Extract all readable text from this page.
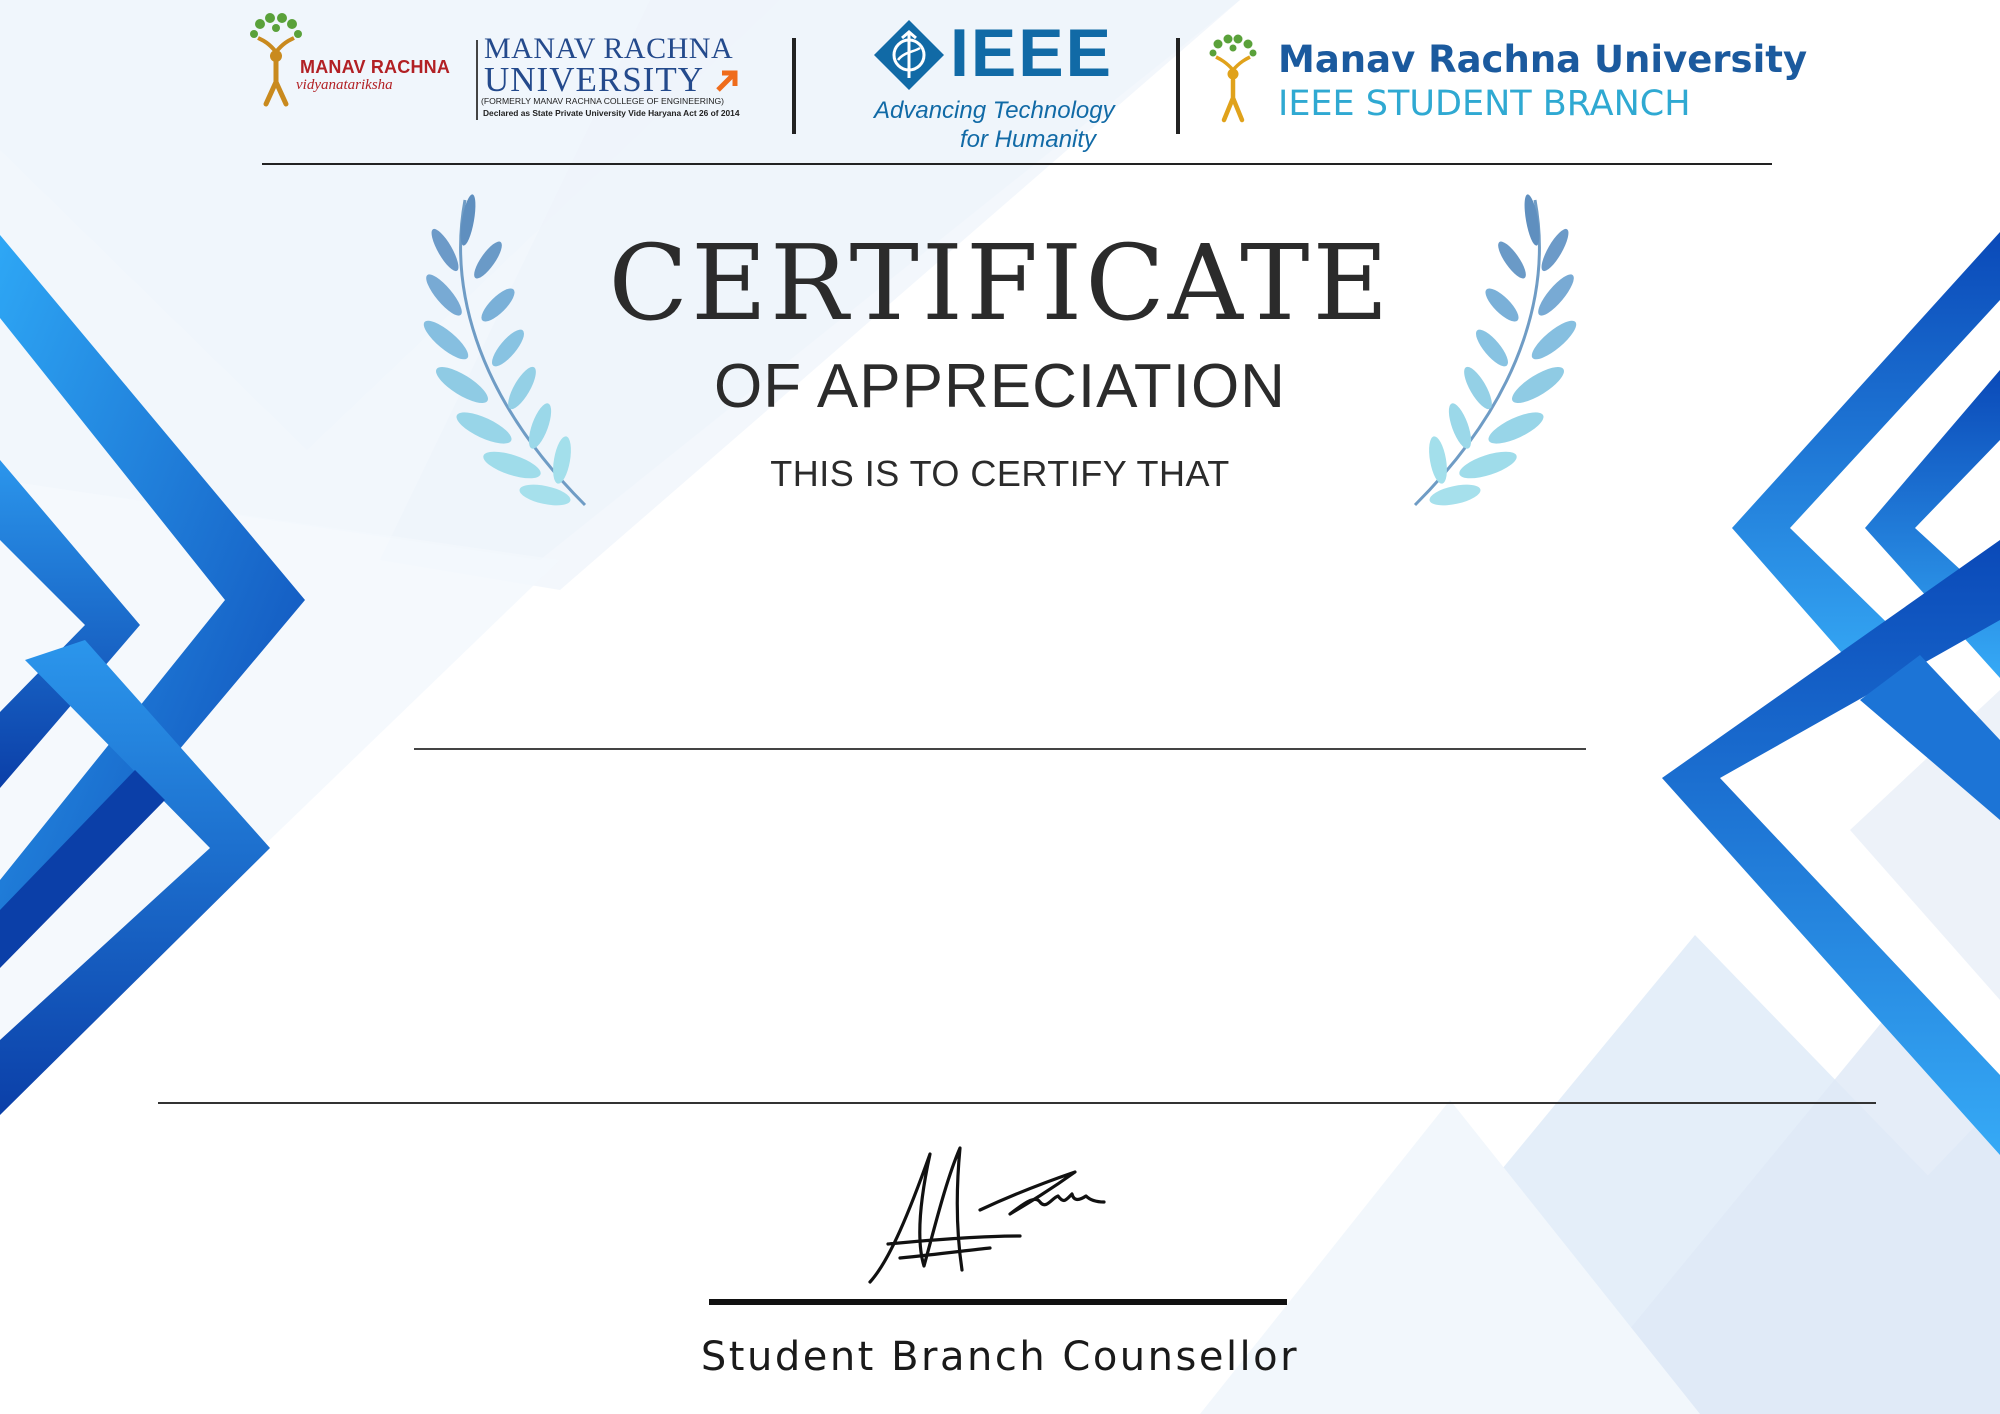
MANAV RACHNA
vidyanatariksha
MANAV RACHNA
UNIVERSITY
(FORMERLY MANAV RACHNA COLLEGE OF ENGINEERING)
Declared as State Private University Vide Haryana Act 26 of 2014
IEEE
Advancing Technology
for Humanity
Manav Rachna University
IEEE STUDENT BRANCH
CERTIFICATE
OF APPRECIATION
THIS IS TO CERTIFY THAT
Student Branch Counsellor
